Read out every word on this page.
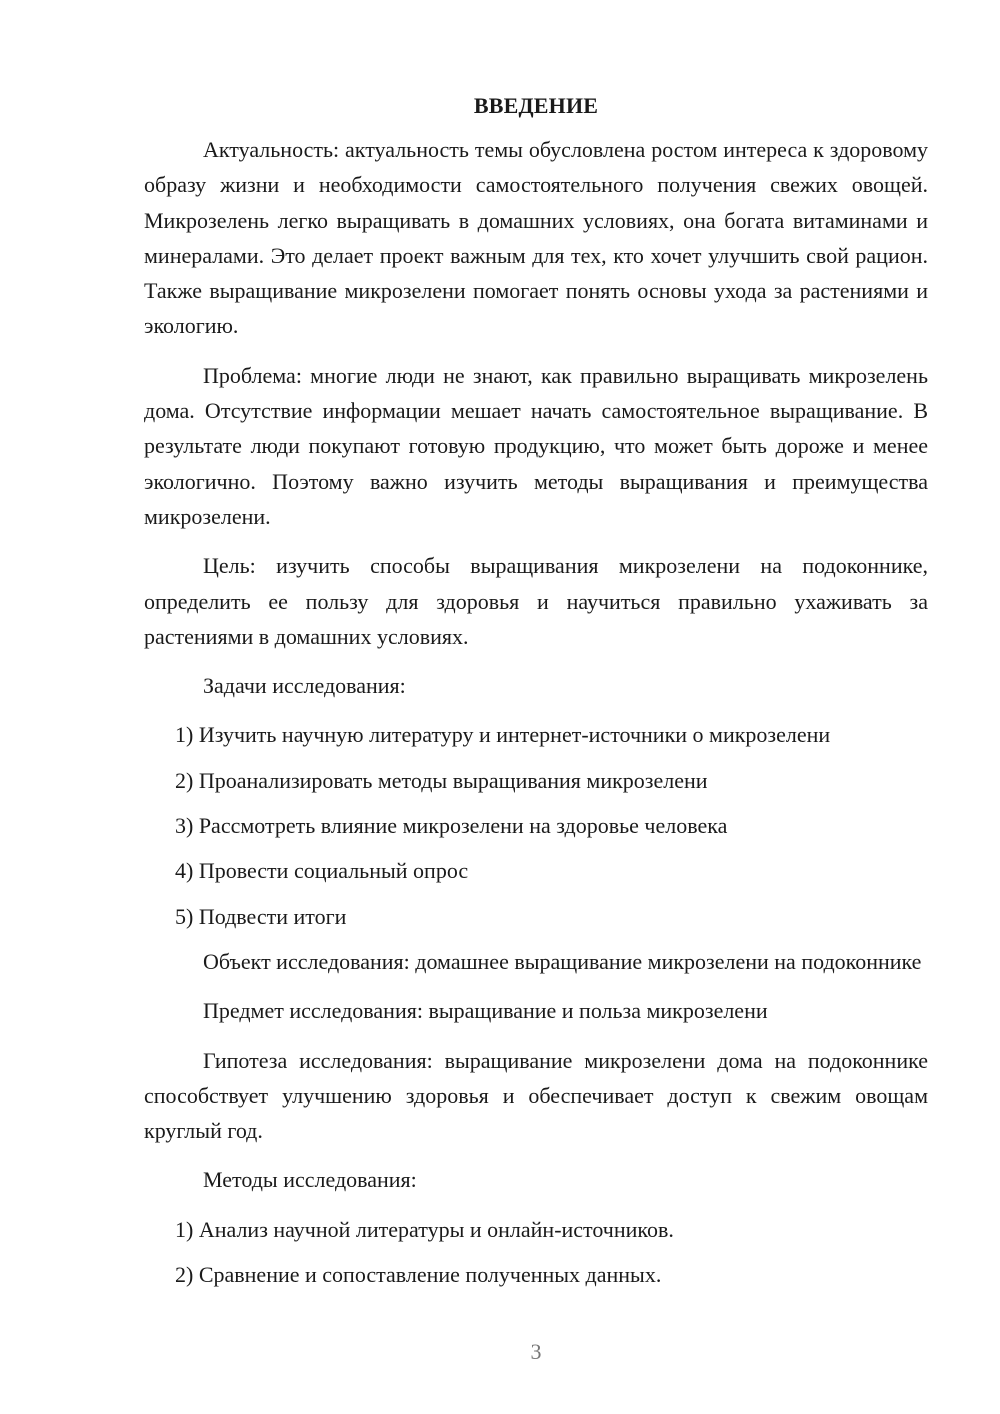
ВВЕДЕНИЕ

Актуальность: актуальность темы обусловлена ростом интереса к здоровому образу жизни и необходимости самостоятельного получения свежих овощей. Микрозелень легко выращивать в домашних условиях, она богата витаминами и минералами. Это делает проект важным для тех, кто хочет улучшить свой рацион. Также выращивание микрозелени помогает понять основы ухода за растениями и экологию.

Проблема: многие люди не знают, как правильно выращивать микрозелень дома. Отсутствие информации мешает начать самостоятельное выращивание. В результате люди покупают готовую продукцию, что может быть дороже и менее экологично. Поэтому важно изучить методы выращивания и преимущества микрозелени.

Цель: изучить способы выращивания микрозелени на подоконнике, определить ее пользу для здоровья и научиться правильно ухаживать за растениями в домашних условиях.

Задачи исследования:

1) Изучить научную литературу и интернет-источники о микрозелени
2) Проанализировать методы выращивания микрозелени
3) Рассмотреть влияние микрозелени на здоровье человека
4) Провести социальный опрос
5) Подвести итоги

Объект исследования: домашнее выращивание микрозелени на подоконнике

Предмет исследования: выращивание и польза микрозелени

Гипотеза исследования: выращивание микрозелени дома на подоконнике способствует улучшению здоровья и обеспечивает доступ к свежим овощам круглый год.

Методы исследования:

1) Анализ научной литературы и онлайн-источников.
2) Сравнение и сопоставление полученных данных.
3
